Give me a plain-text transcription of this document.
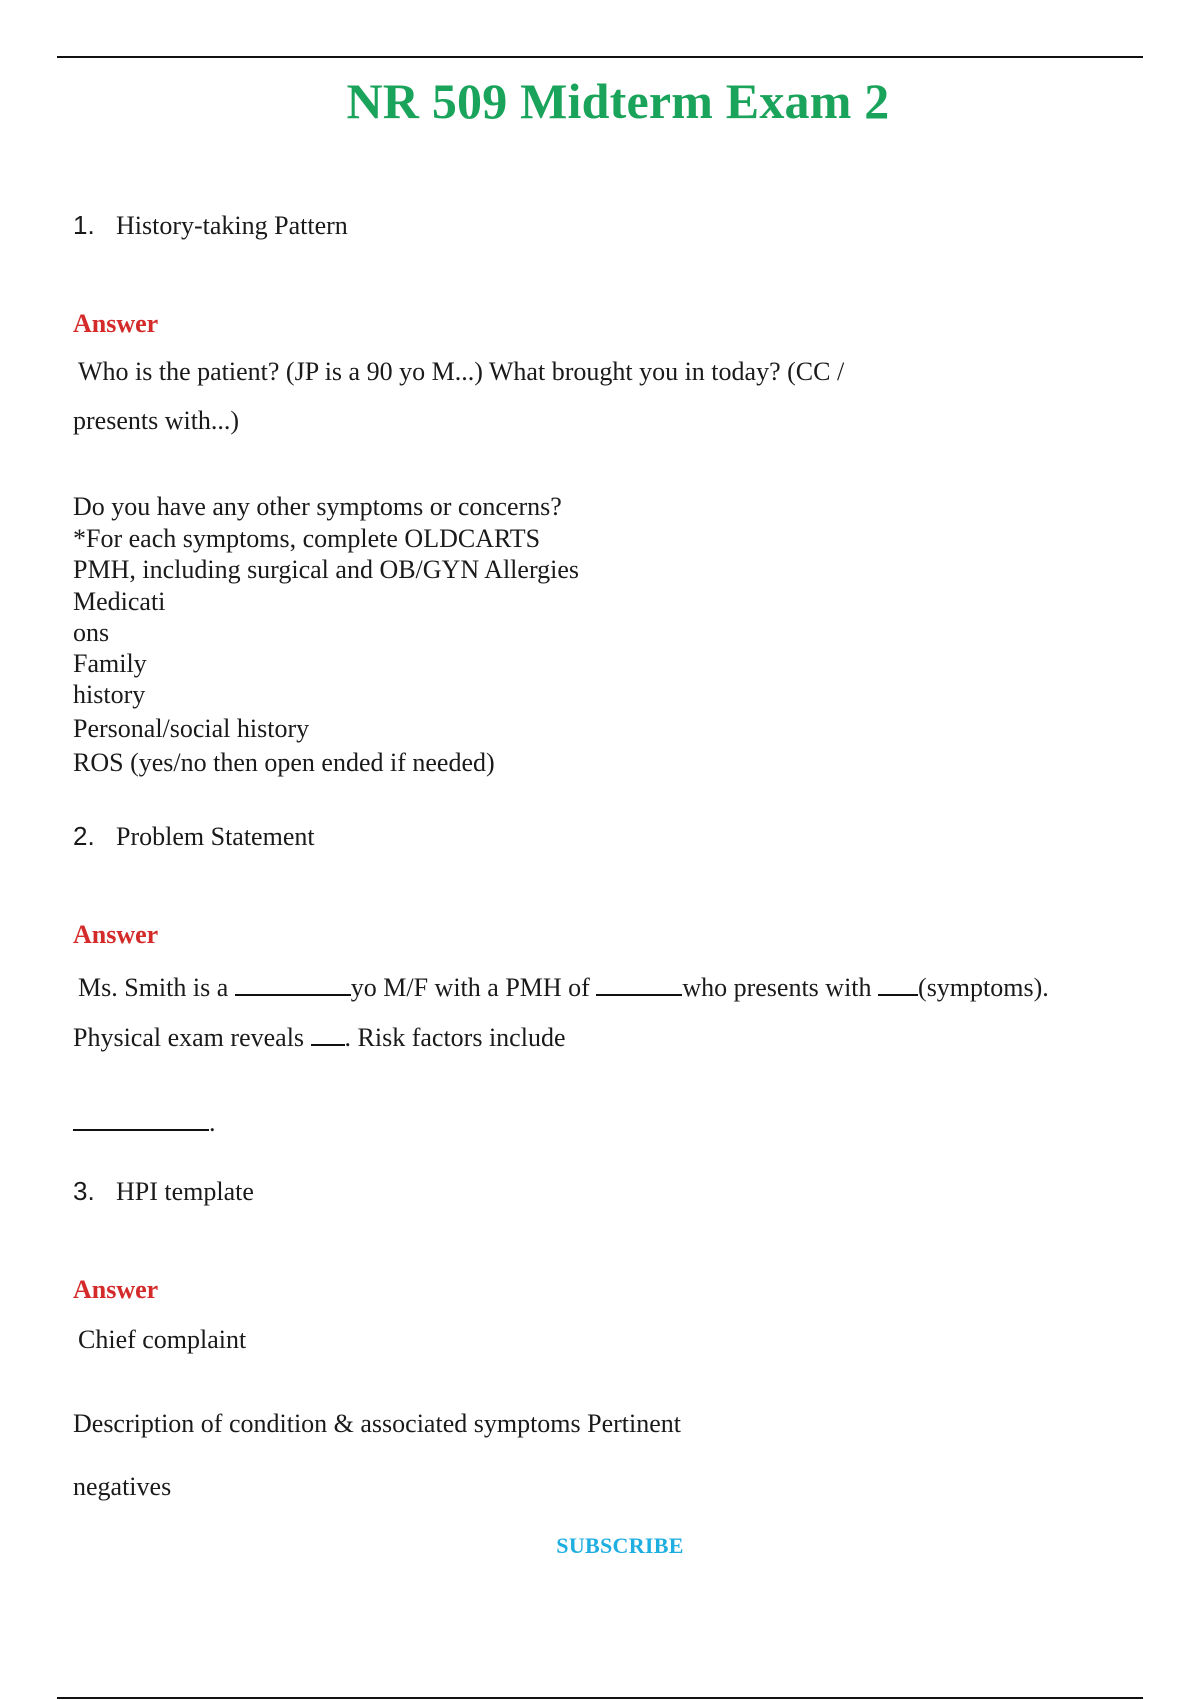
NR 509 Midterm Exam 2
1. History-taking Pattern
Answer
Who is the patient? (JP is a 90 yo M...) What brought you in today? (CC /
presents with...)
Do you have any other symptoms or concerns?
*For each symptoms, complete OLDCARTS
PMH, including surgical and OB/GYN Allergies
Medicati
ons
Family
history
Personal/social history
ROS (yes/no then open ended if needed)
2. Problem Statement
Answer
Ms. Smith is a	yo M/F with a PMH of	who presents with (symptoms).
Physical exam reveals . Risk factors include
.
3. HPI template
Answer
Chief complaint
Description of condition & associated symptoms Pertinent
negatives
SUBSCRIBE
